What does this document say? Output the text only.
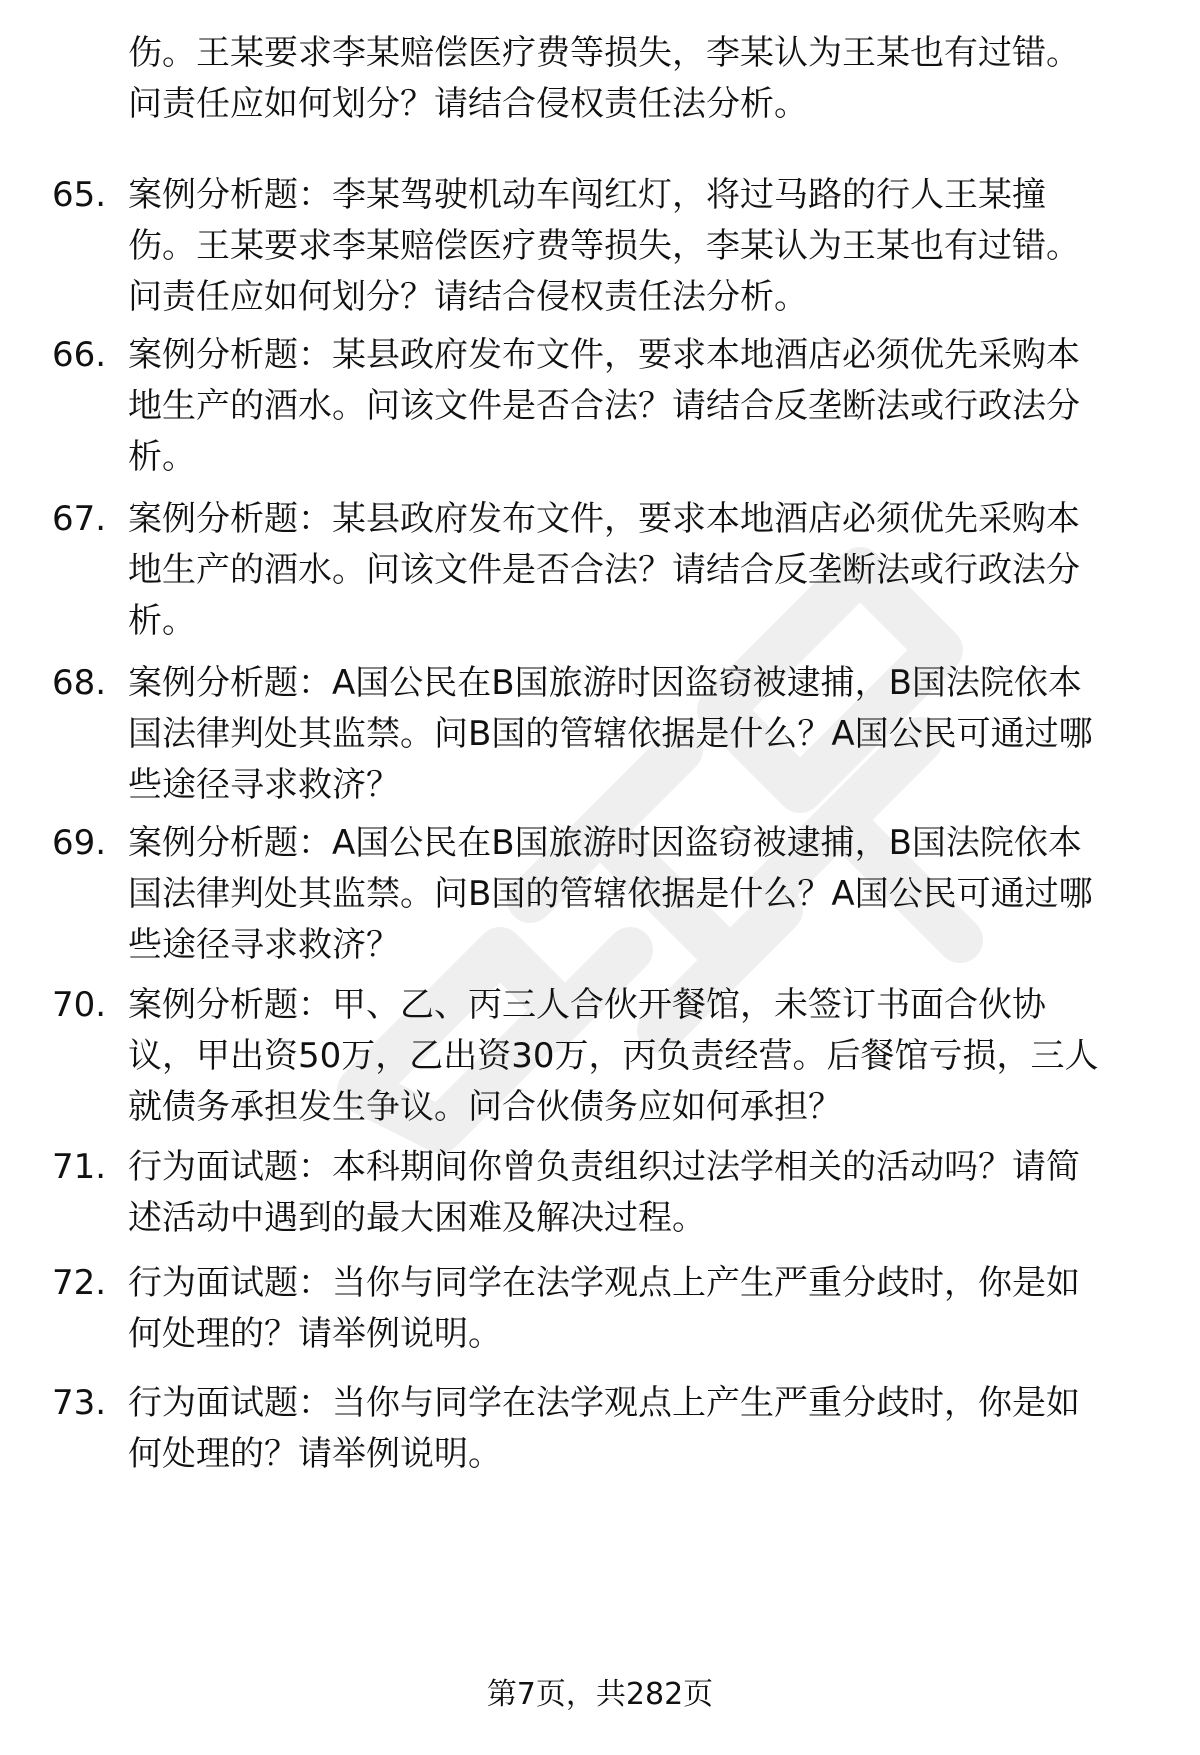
伤。王某要求李某赔偿医疗费等损失，李某认为王某也有过错。
问责任应如何划分？请结合侵权责任法分析。
65. 案例分析题：李某驾驶机动车闯红灯，将过马路的行人王某撞
伤。王某要求李某赔偿医疗费等损失，李某认为王某也有过错。
问责任应如何划分？请结合侵权责任法分析。
66. 案例分析题：某县政府发布文件，要求本地酒店必须优先采购本
地生产的酒水。问该文件是否合法？请结合反垄断法或行政法分
析。
67. 案例分析题：某县政府发布文件，要求本地酒店必须优先采购本
地生产的酒水。问该文件是否合法？请结合反垄断法或行政法分
析。
68. 案例分析题：A国公民在B国旅游时因盗窃被逮捕，B国法院依本
国法律判处其监禁。问B国的管辖依据是什么？A国公民可通过哪
些途径寻求救济？
69. 案例分析题：A国公民在B国旅游时因盗窃被逮捕，B国法院依本
国法律判处其监禁。问B国的管辖依据是什么？A国公民可通过哪
些途径寻求救济？
70. 案例分析题：甲、乙、丙三人合伙开餐馆，未签订书面合伙协
议，甲出资50万，乙出资30万，丙负责经营。后餐馆亏损，三人
就债务承担发生争议。问合伙债务应如何承担？
71. 行为面试题：本科期间你曾负责组织过法学相关的活动吗？请简
述活动中遇到的最大困难及解决过程。
72. 行为面试题：当你与同学在法学观点上产生严重分歧时，你是如
何处理的？请举例说明。
73. 行为面试题：当你与同学在法学观点上产生严重分歧时，你是如
何处理的？请举例说明。
第7页，共282页
